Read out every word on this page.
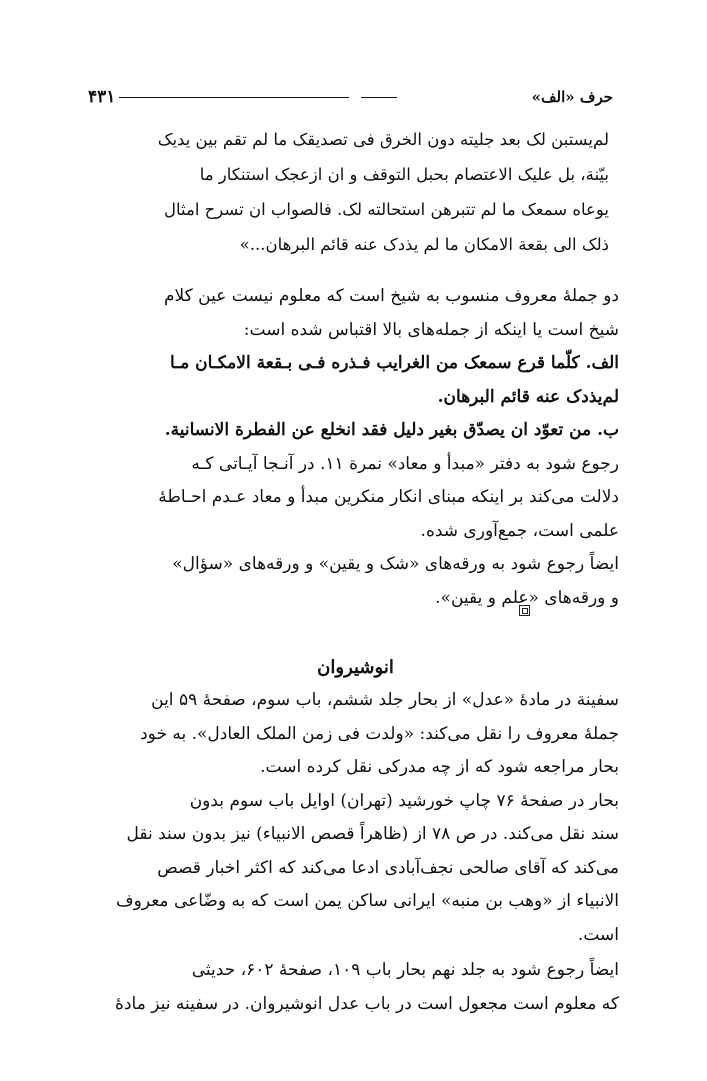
۴۳۱	حرف «الف»
لم‌یستبن لک بعد جلیته دون الخرق فی تصدیقک ما لم تقم بین یدیک
بیّنة، بل علیک الاعتصام بحبل التوقف و ان ازعجک استنکار ما
یوعاه سمعک ما لم تتبرهن استحالته لک. فالصواب ان تسرح امثال
ذلک الی بقعة الامکان ما لم یذدک عنه قائم البرهان...»
دو جملهٔ معروف منسوب به شیخ است که معلوم نیست عین کلام
شیخ است یا اینکه از جمله‌های بالا اقتباس شده است:
الف. کلّما قرع سمعک من الغرایب فـذره فـی بـقعة الامکـان مـا
لم‌یذدک عنه قائم البرهان.
ب. من تعوّد ان یصدّق بغیر دلیل فقد انخلع عن الفطرة الانسانیة.
رجوع شود به دفتر «مبدأ و معاد» نمرة ۱۱. در آنـجا آیـاتی کـه
دلالت می‌کند بر اینکه مبنای انکار منکرین مبدأ و معاد عـدم احـاطهٔ
علمی است، جمع‌آوری شده.
ایضاً رجوع شود به ورقه‌های «شک و یقین» و ورقه‌های «سؤال»
و ورقه‌های «علم و یقین».
انوشیروان
سفینة در مادهٔ «عدل» از بحار جلد ششم، باب سوم، صفحهٔ ۵۹ این
جملهٔ معروف را نقل می‌کند: «ولدت فی زمن الملک العادل». به خود
بحار مراجعه شود که از چه مدرکی نقل کرده است.
بحار در صفحهٔ ۷۶ چاپ خورشید (تهران) اوایل باب سوم بدون
سند نقل می‌کند. در ص ۷۸ از (ظاهراً قصص الانبیاء) نیز بدون سند نقل
می‌کند که آقای صالحی نجف‌آبادی ادعا می‌کند که اکثر اخبار قصص
الانبیاء از «وهب بن منبه» ایرانی ساکن یمن است که به وضّاعی معروف
است.
ایضاً رجوع شود به جلد نهم بحار باب ۱۰۹، صفحهٔ ۶۰۲، حدیثی
که معلوم است مجعول است در باب عدل انوشیروان. در سفینه نیز مادهٔ
